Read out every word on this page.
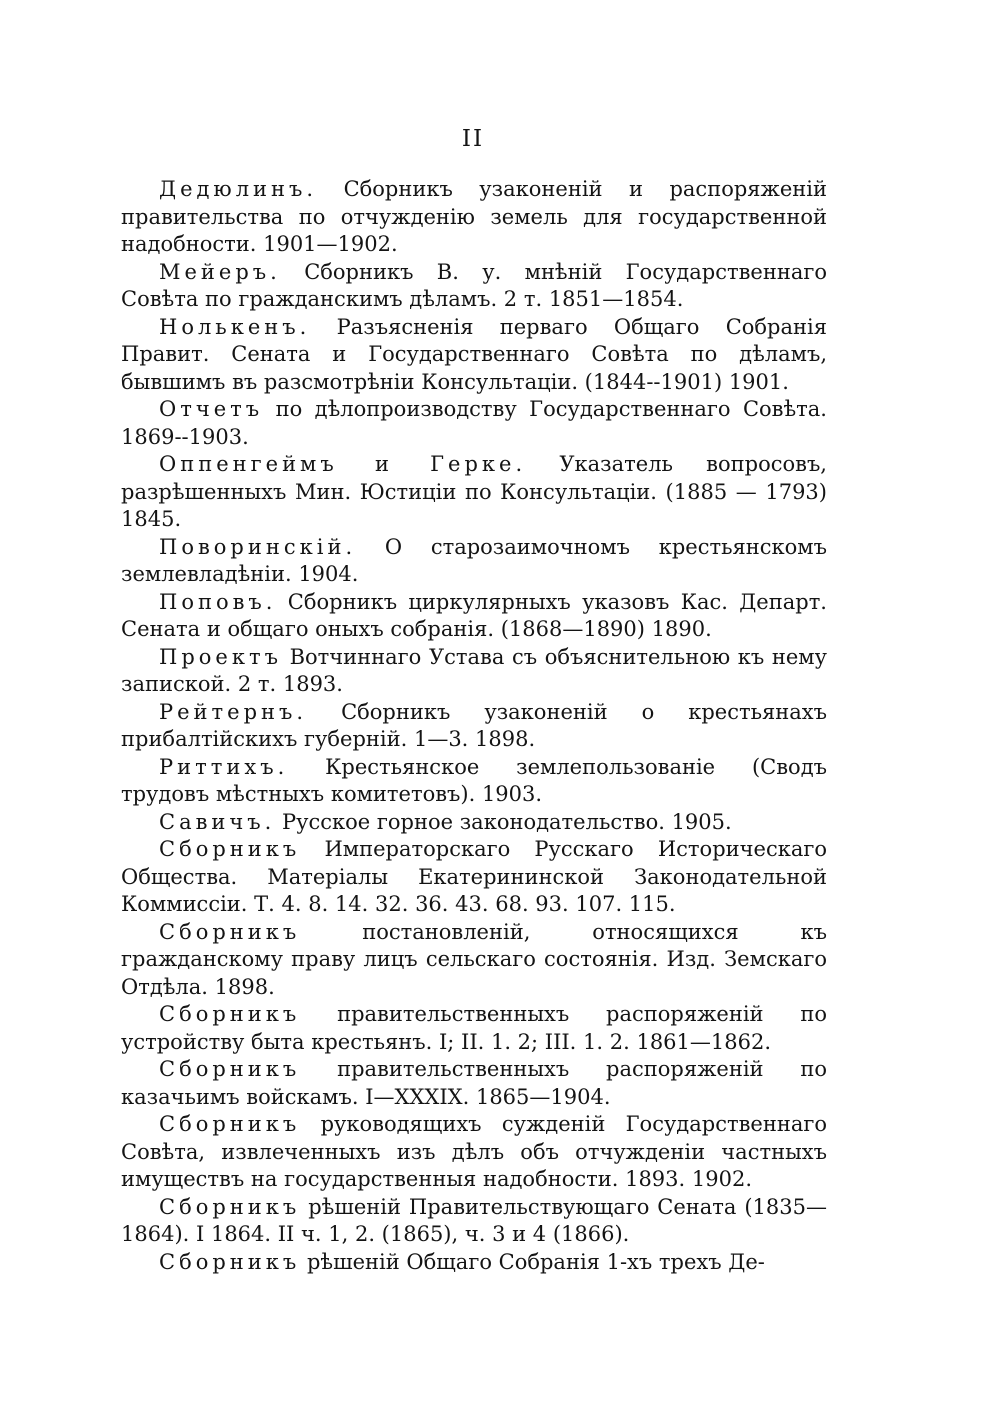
II

Дедюлинъ. Сборникъ узаконеній и распоряженій правительства по отчужденію земель для государственной надобности. 1901—1902.

Мейеръ. Сборникъ В. у. мнѣній Государственнаго Совѣта по гражданскимъ дѣламъ. 2 т. 1851—1854.

Нолькенъ. Разъясненія перваго Общаго Собранія Правит. Сената и Государственнаго Совѣта по дѣламъ, бывшимъ въ разсмотрѣніи Консультаціи. (1844--1901) 1901.

Отчетъ по дѣлопроизводству Государственнаго Совѣта. 1869--1903.

Оппенгеймъ и Герке. Указатель вопросовъ, разрѣшенныхъ Мин. Юстиціи по Консультаціи. (1885 — 1793) 1845.

Поворинскій. О старозаимочномъ крестьянскомъ землевладѣніи. 1904.

Поповъ. Сборникъ циркулярныхъ указовъ Кас. Департ. Сената и общаго оныхъ собранія. (1868—1890) 1890.

Проектъ Вотчиннаго Устава съ объяснительною къ нему запиской. 2 т. 1893.

Рейтернъ. Сборникъ узаконеній о крестьянахъ прибалтійскихъ губерній. 1—3. 1898.

Риттихъ. Крестьянское землепользованіе (Сводъ трудовъ мѣстныхъ комитетовъ). 1903.

Савичъ. Русское горное законодательство. 1905.

Сборникъ Императорскаго Русскаго Историческаго Общества. Матеріалы Екатерининской Законодательной Коммиссіи. Т. 4. 8. 14. 32. 36. 43. 68. 93. 107. 115.

Сборникъ	постановленій, относящихся къ гражданскому праву лицъ сельскаго состоянія. Изд. Земскаго Отдѣла. 1898.

Сборникъ правительственныхъ распоряженій по устройству быта крестьянъ. I; II. 1. 2; III. 1. 2. 1861—1862.

Сборникъ правительственныхъ распоряженій по казачьимъ войскамъ. I—XXXIX. 1865—1904.

Сборникъ руководящихъ сужденій Государственнаго Совѣта, извлеченныхъ изъ дѣлъ объ отчужденіи частныхъ имуществъ на государственныя надобности. 1893. 1902.

Сборникъ рѣшеній Правительствующаго Сената (1835—1864). I 1864. II ч. 1, 2. (1865), ч. 3 и 4 (1866).

Сборникъ рѣшеній Общаго Собранія 1-хъ трехъ Де-
